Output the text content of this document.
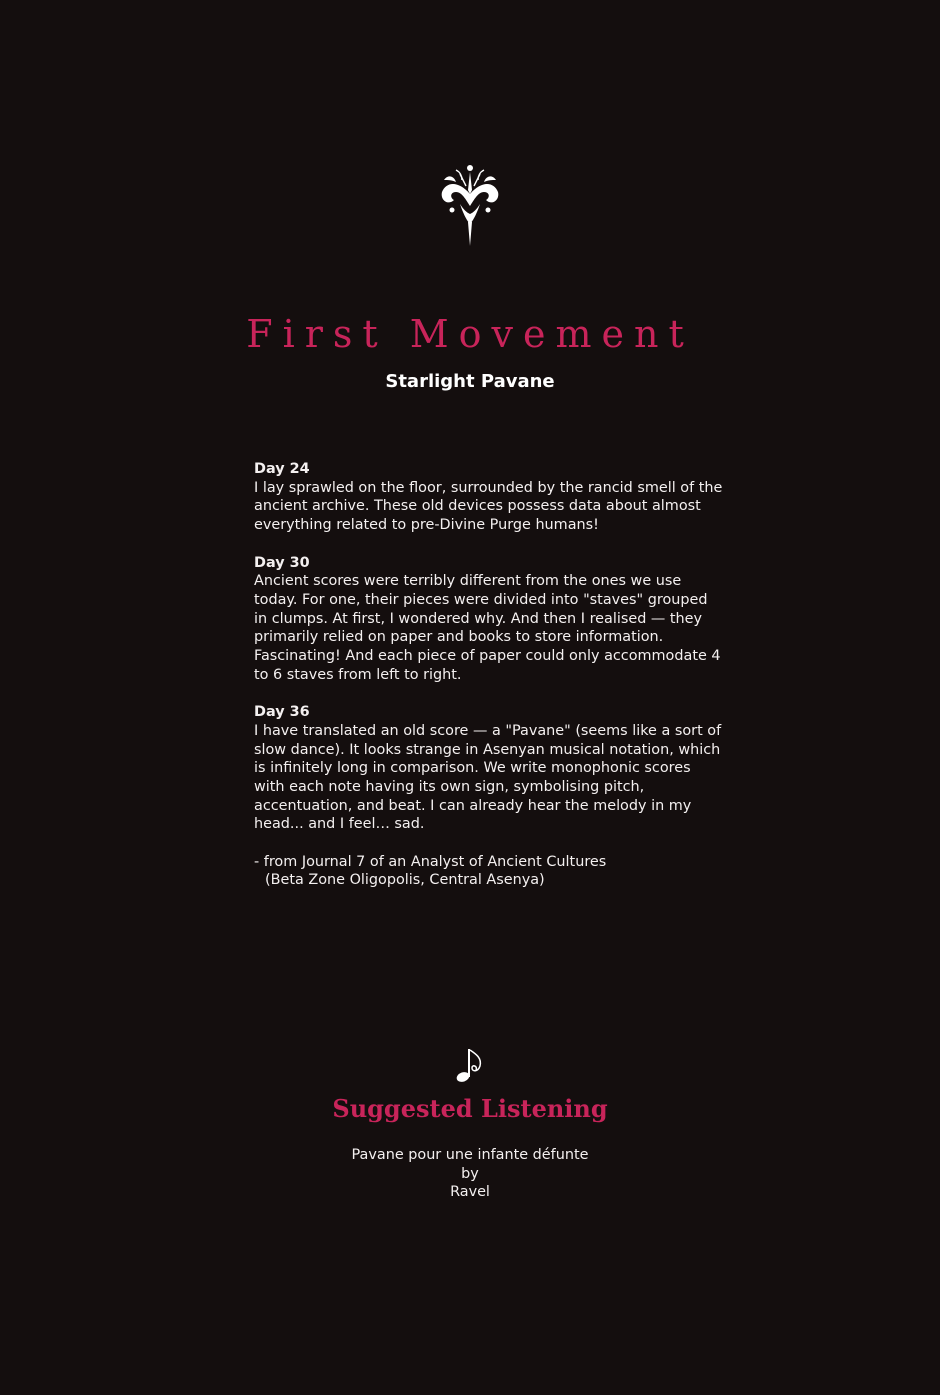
First Movement
Starlight Pavane

Day 24
I lay sprawled on the floor, surrounded by the rancid smell of the ancient archive. These old devices possess data about almost everything related to pre-Divine Purge humans!

Day 30
Ancient scores were terribly different from the ones we use today. For one, their pieces were divided into "staves" grouped in clumps. At first, I wondered why. And then I realised — they primarily relied on paper and books to store information. Fascinating! And each piece of paper could only accommodate 4 to 6 staves from left to right.

Day 36
I have translated an old score — a "Pavane" (seems like a sort of slow dance). It looks strange in Asenyan musical notation, which is infinitely long in comparison. We write monophonic scores with each note having its own sign, symbolising pitch, accentuation, and beat. I can already hear the melody in my head... and I feel… sad.

- from Journal 7 of an Analyst of Ancient Cultures
(Beta Zone Oligopolis, Central Asenya)

Suggested Listening
Pavane pour une infante défunte
by
Ravel
